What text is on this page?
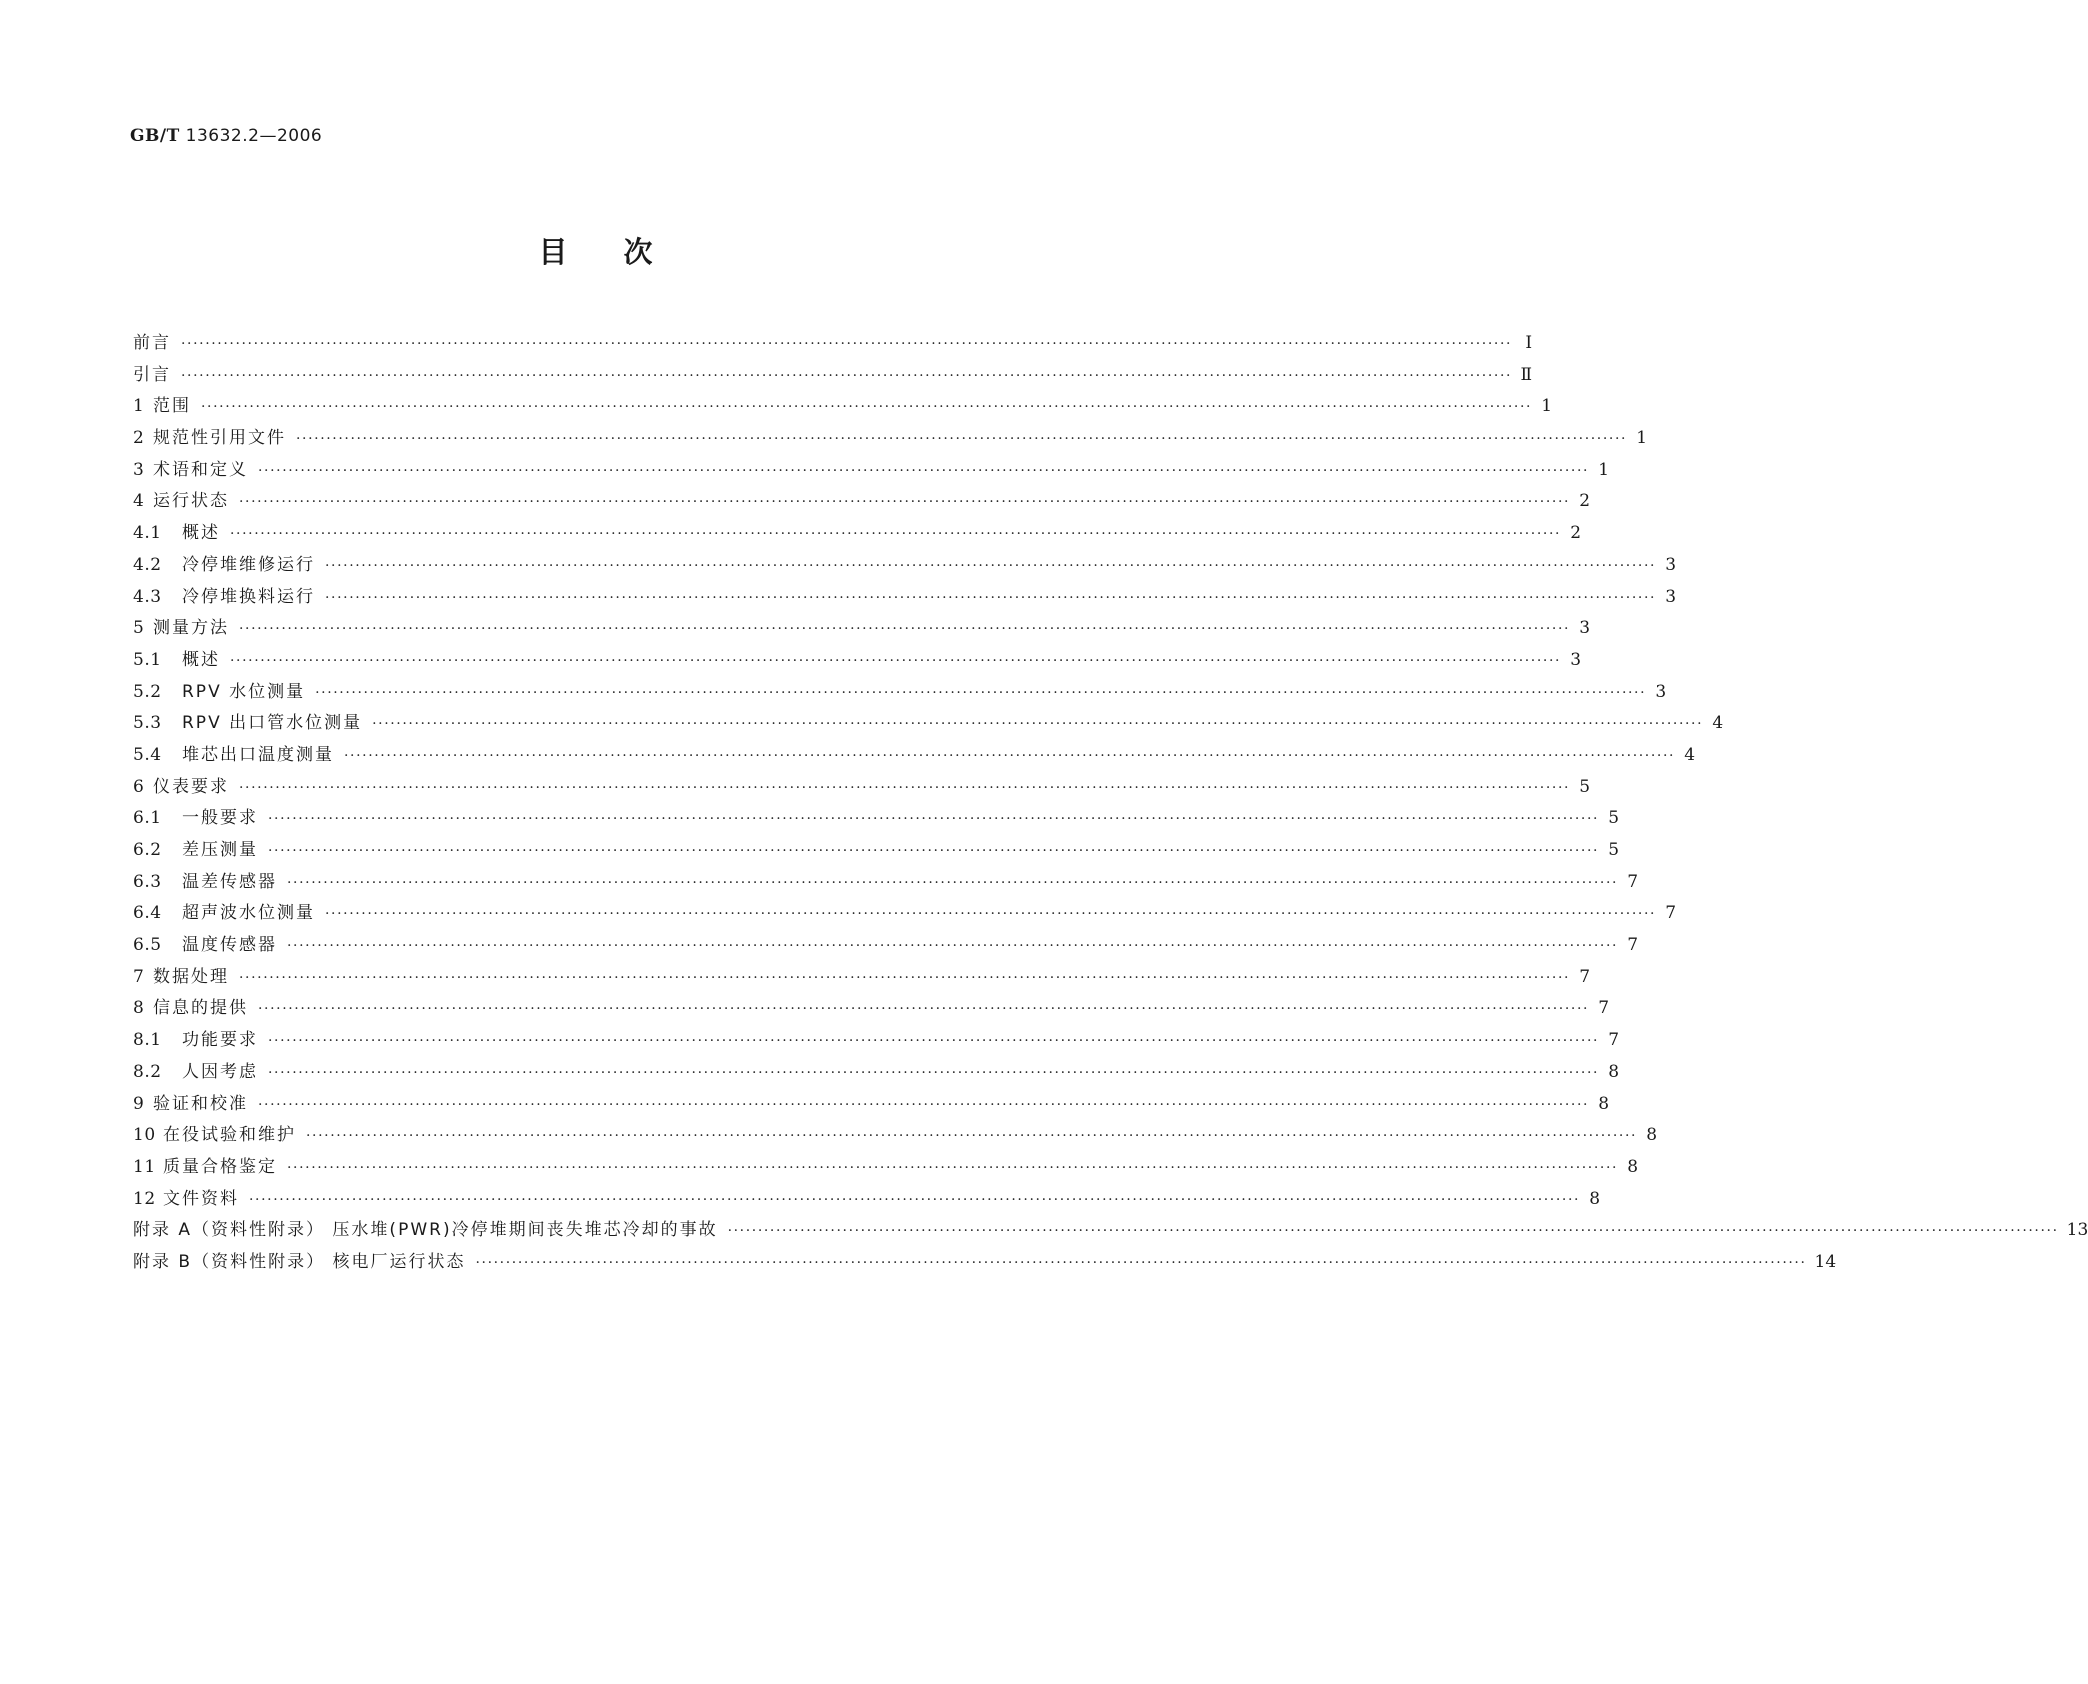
GB/T 13632.2—2006
目次
前言 ···························································································································································································································· Ⅰ
引言 ···························································································································································································································· Ⅱ
1 范围 ···························································································································································································································· 1
2 规范性引用文件 ···························································································································································································································· 1
3 术语和定义 ···························································································································································································································· 1
4 运行状态 ···························································································································································································································· 2
4.1	概述 ···························································································································································································································· 2
4.2	冷停堆维修运行 ···························································································································································································································· 3
4.3	冷停堆换料运行 ···························································································································································································································· 3
5 测量方法 ···························································································································································································································· 3
5.1	概述 ···························································································································································································································· 3
5.2	RPV 水位测量 ···························································································································································································································· 3
5.3	RPV 出口管水位测量 ···························································································································································································································· 4
5.4	堆芯出口温度测量 ···························································································································································································································· 4
6 仪表要求 ···························································································································································································································· 5
6.1	一般要求 ···························································································································································································································· 5
6.2	差压测量 ···························································································································································································································· 5
6.3	温差传感器 ···························································································································································································································· 7
6.4	超声波水位测量 ···························································································································································································································· 7
6.5	温度传感器 ···························································································································································································································· 7
7 数据处理 ···························································································································································································································· 7
8 信息的提供 ···························································································································································································································· 7
8.1	功能要求 ···························································································································································································································· 7
8.2	人因考虑 ···························································································································································································································· 8
9 验证和校准 ···························································································································································································································· 8
10 在役试验和维护 ···························································································································································································································· 8
11 质量合格鉴定 ···························································································································································································································· 8
12 文件资料 ···························································································································································································································· 8
附录 A（资料性附录） 压水堆(PWR)冷停堆期间丧失堆芯冷却的事故 ···························································································································································································································· 13
附录 B（资料性附录） 核电厂运行状态 ···························································································································································································································· 14
